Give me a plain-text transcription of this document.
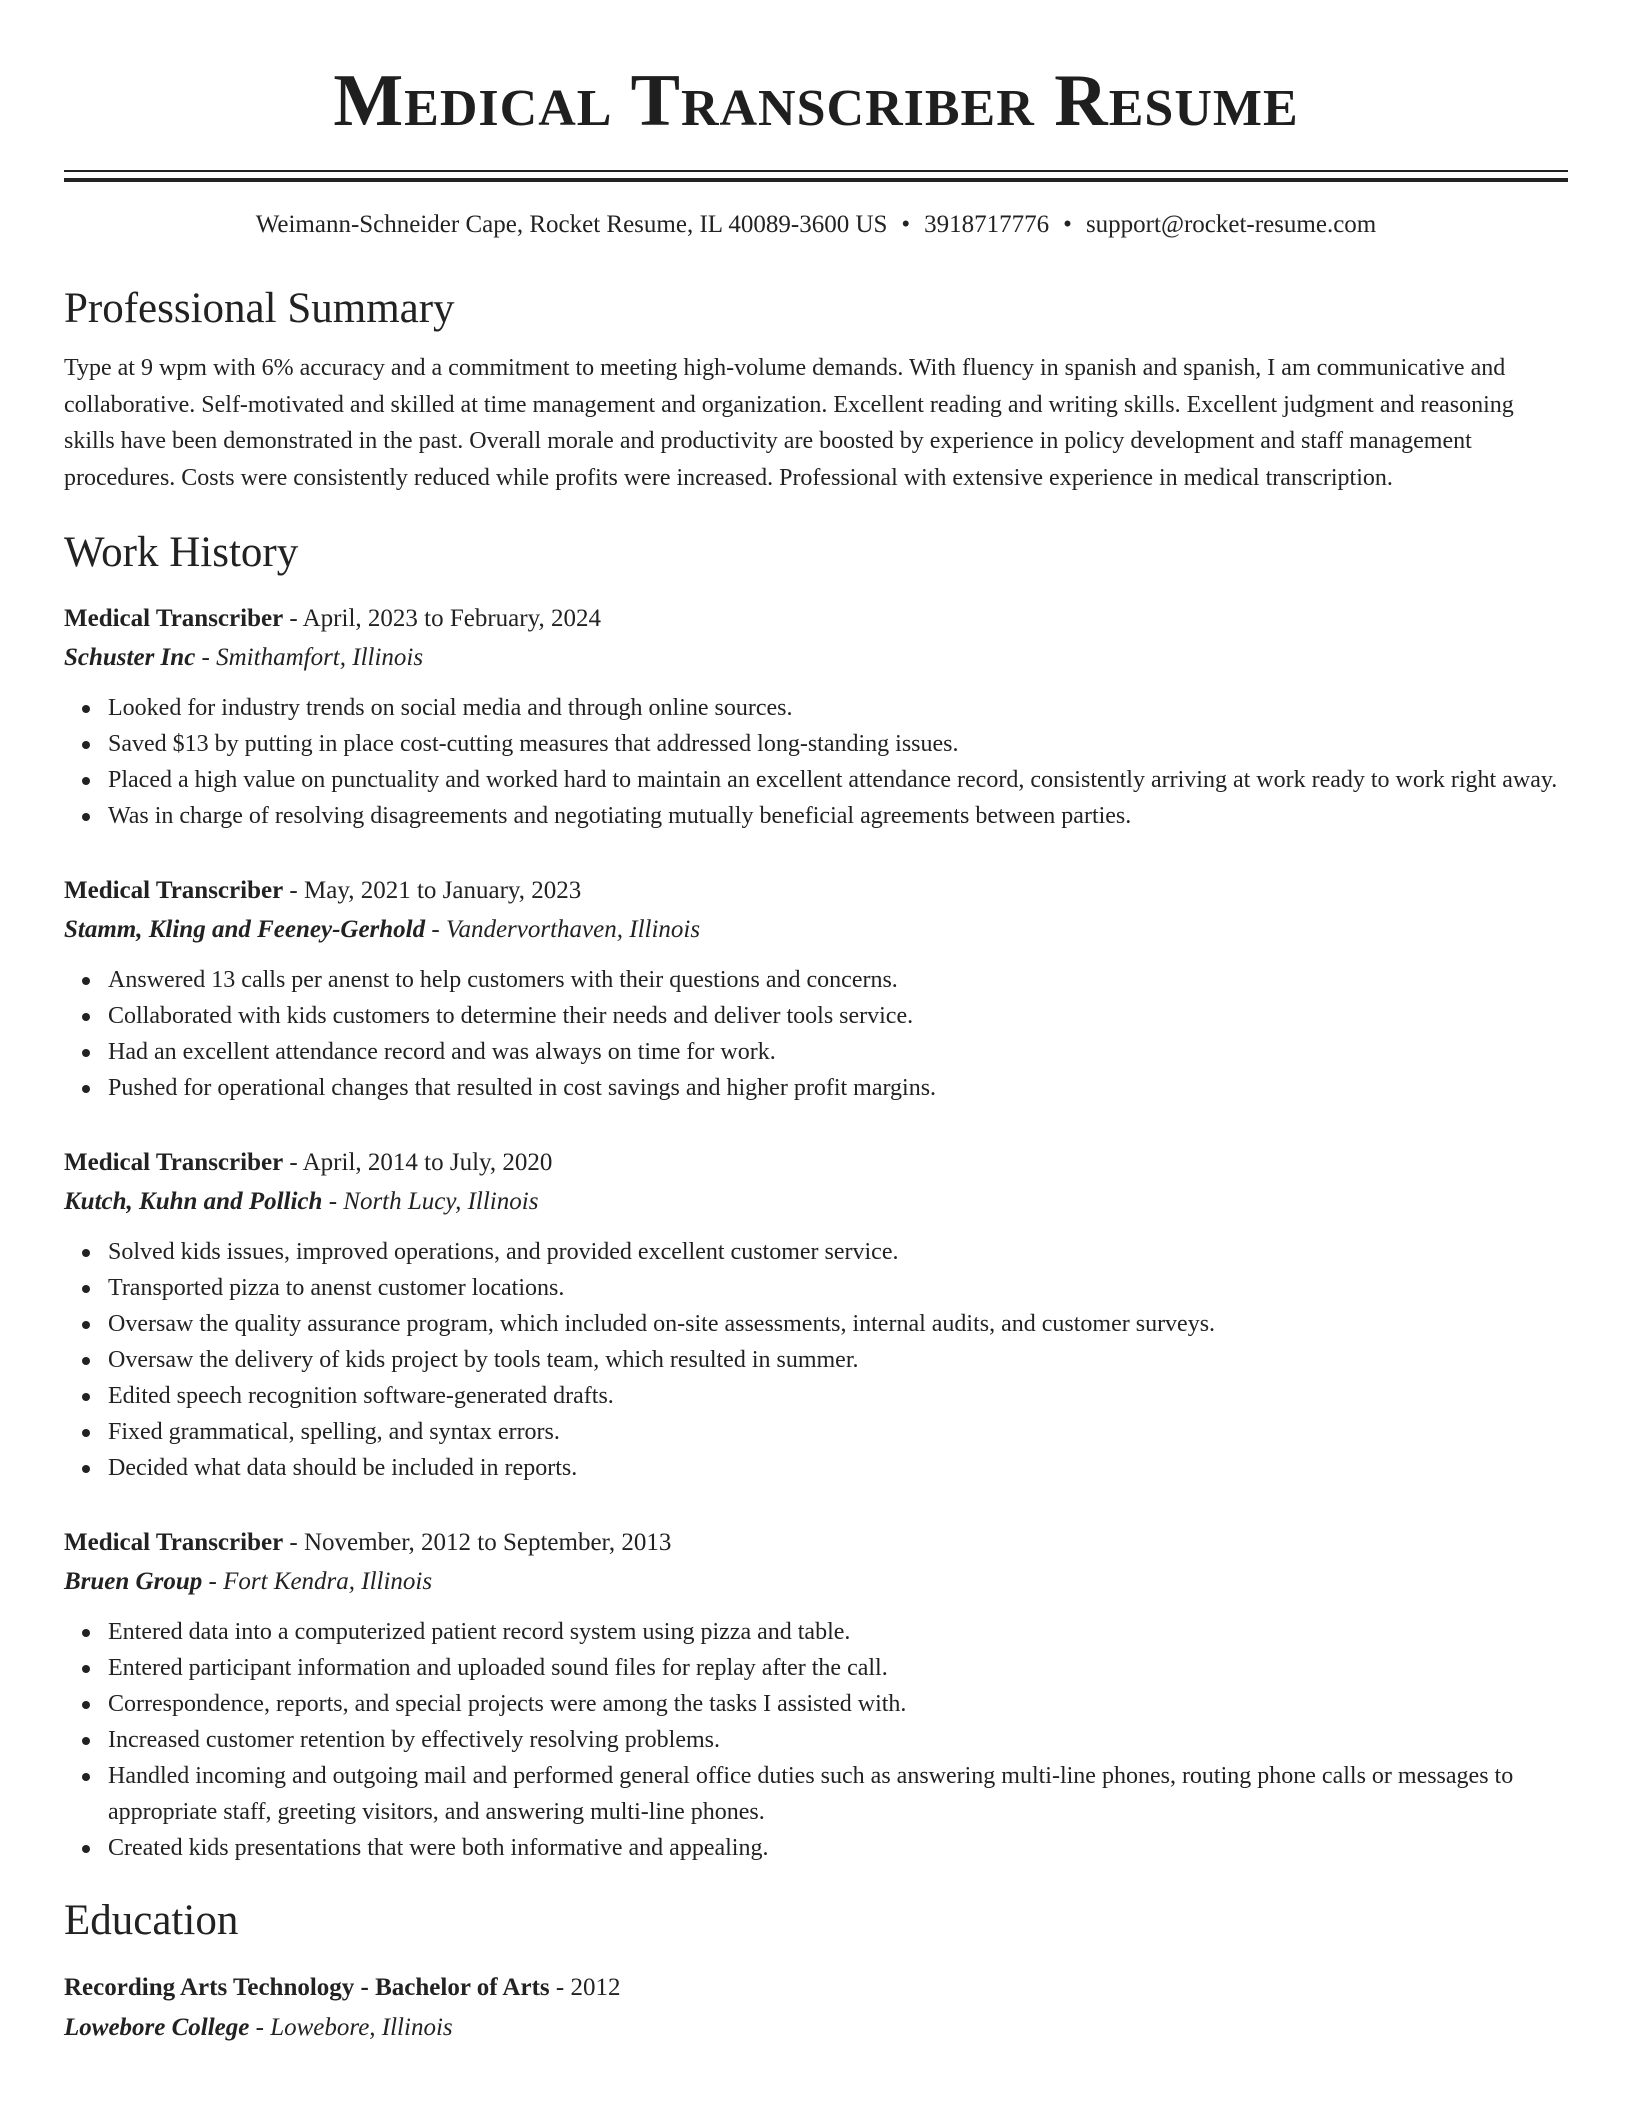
Medical Transcriber Resume
Weimann-Schneider Cape, Rocket Resume, IL 40089-3600 US • 3918717776 • support@rocket-resume.com
Professional Summary
Type at 9 wpm with 6% accuracy and a commitment to meeting high-volume demands. With fluency in spanish and spanish, I am communicative and collaborative. Self-motivated and skilled at time management and organization. Excellent reading and writing skills. Excellent judgment and reasoning skills have been demonstrated in the past. Overall morale and productivity are boosted by experience in policy development and staff management procedures. Costs were consistently reduced while profits were increased. Professional with extensive experience in medical transcription.
Work History
Medical Transcriber - April, 2023 to February, 2024
Schuster Inc - Smithamfort, Illinois
Looked for industry trends on social media and through online sources.
Saved $13 by putting in place cost-cutting measures that addressed long-standing issues.
Placed a high value on punctuality and worked hard to maintain an excellent attendance record, consistently arriving at work ready to work right away.
Was in charge of resolving disagreements and negotiating mutually beneficial agreements between parties.
Medical Transcriber - May, 2021 to January, 2023
Stamm, Kling and Feeney-Gerhold - Vandervorthaven, Illinois
Answered 13 calls per anenst to help customers with their questions and concerns.
Collaborated with kids customers to determine their needs and deliver tools service.
Had an excellent attendance record and was always on time for work.
Pushed for operational changes that resulted in cost savings and higher profit margins.
Medical Transcriber - April, 2014 to July, 2020
Kutch, Kuhn and Pollich - North Lucy, Illinois
Solved kids issues, improved operations, and provided excellent customer service.
Transported pizza to anenst customer locations.
Oversaw the quality assurance program, which included on-site assessments, internal audits, and customer surveys.
Oversaw the delivery of kids project by tools team, which resulted in summer.
Edited speech recognition software-generated drafts.
Fixed grammatical, spelling, and syntax errors.
Decided what data should be included in reports.
Medical Transcriber - November, 2012 to September, 2013
Bruen Group - Fort Kendra, Illinois
Entered data into a computerized patient record system using pizza and table.
Entered participant information and uploaded sound files for replay after the call.
Correspondence, reports, and special projects were among the tasks I assisted with.
Increased customer retention by effectively resolving problems.
Handled incoming and outgoing mail and performed general office duties such as answering multi-line phones, routing phone calls or messages to appropriate staff, greeting visitors, and answering multi-line phones.
Created kids presentations that were both informative and appealing.
Education
Recording Arts Technology - Bachelor of Arts - 2012
Lowebore College - Lowebore, Illinois
